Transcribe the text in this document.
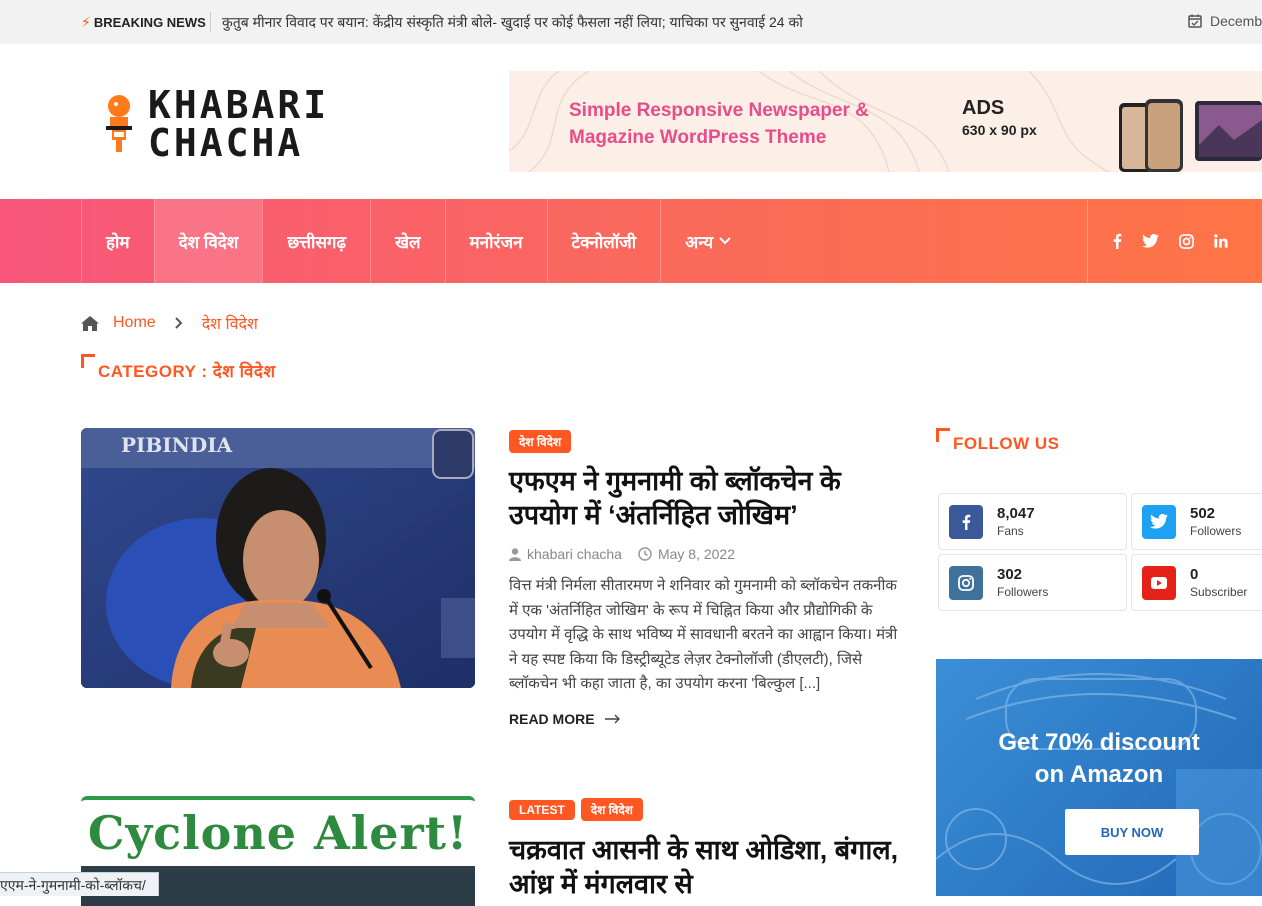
⚡ BREAKING NEWS कुतुब मीनार विवाद पर बयान: केंद्रीय संस्कृति मंत्री बोले- खुदाई पर कोई फैसला नहीं लिया; याचिका पर सुनवाई 24 को	Decemb
KHABARI
CHACHA
Simple Responsive Newspaper &
Magazine WordPress Theme
ADS
630 x 90 px
होम	देश विदेश	छत्तीसगढ़	खेल	मनोरंजन	टेक्नोलॉजी	अन्य
Home	देश विदेश
CATEGORY : देश विदेश
PIBINDIA	देश विदेश
एफएम ने गुमनामी को ब्लॉकचेन के उपयोग में ‘अंतर्निहित जोखिम’
khabari chacha	May 8, 2022
वित्त मंत्री निर्मला सीतारमण ने शनिवार को गुमनामी को ब्लॉकचेन तकनीक में एक 'अंतर्निहित जोखिम' के रूप में चिह्नित किया और प्रौद्योगिकी के उपयोग में वृद्धि के साथ भविष्य में सावधानी बरतने का आह्वान किया। मंत्री ने यह स्पष्ट किया कि डिस्ट्रीब्यूटेड लेज़र टेक्नोलॉजी (डीएलटी), जिसे ब्लॉकचेन भी कहा जाता है, का उपयोग करना 'बिल्कुल [...]
READ MORE
Cyclone Alert!	LATEST देश विदेश
चक्रवात आसनी के साथ ओडिशा, बंगाल, आंध्र में मंगलवार से
FOLLOW US
8,047
Fans
502
Followers
302
Followers
0
Subscriber
Get 70% discount
on Amazon
BUY NOW
एएम-ने-गुमनामी-को-ब्लॉकच/
